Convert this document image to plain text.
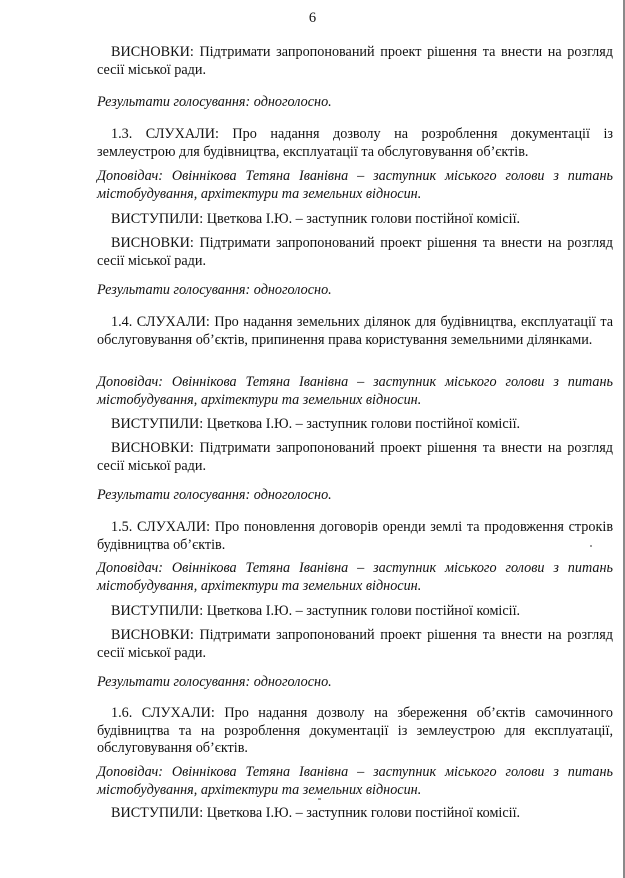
6

ВИСНОВКИ: Підтримати запропонований проект рішення та внести на розгляд сесії міської ради.

Результати голосування: одноголосно.

1.3. СЛУХАЛИ: Про надання дозволу на розроблення документації із землеустрою для будівництва, експлуатації та обслуговування об’єктів.

Доповідач: Овіннікова Тетяна Іванівна – заступник міського голови з питань містобудування, архітектури та земельних відносин.

ВИСТУПИЛИ: Цветкова І.Ю. – заступник голови постійної комісії.

ВИСНОВКИ: Підтримати запропонований проект рішення та внести на розгляд сесії міської ради.

Результати голосування: одноголосно.

1.4. СЛУХАЛИ: Про надання земельних ділянок для будівництва, експлуатації та обслуговування об’єктів, припинення права користування земельними ділянками.

Доповідач: Овіннікова Тетяна Іванівна – заступник міського голови з питань містобудування, архітектури та земельних відносин.

ВИСТУПИЛИ: Цветкова І.Ю. – заступник голови постійної комісії.

ВИСНОВКИ: Підтримати запропонований проект рішення та внести на розгляд сесії міської ради.

Результати голосування: одноголосно.

1.5. СЛУХАЛИ: Про поновлення договорів оренди землі та продовження строків будівництва об’єктів.

Доповідач: Овіннікова Тетяна Іванівна – заступник міського голови з питань містобудування, архітектури та земельних відносин.

ВИСТУПИЛИ: Цветкова І.Ю. – заступник голови постійної комісії.

ВИСНОВКИ: Підтримати запропонований проект рішення та внести на розгляд сесії міської ради.

Результати голосування: одноголосно.

1.6. СЛУХАЛИ: Про надання дозволу на збереження об’єктів самочинного будівництва та на розроблення документації із землеустрою для експлуатації, обслуговування об’єктів.

Доповідач: Овіннікова Тетяна Іванівна – заступник міського голови з питань містобудування, архітектури та земельних відносин.

ВИСТУПИЛИ: Цветкова І.Ю. – заступник голови постійної комісії.
